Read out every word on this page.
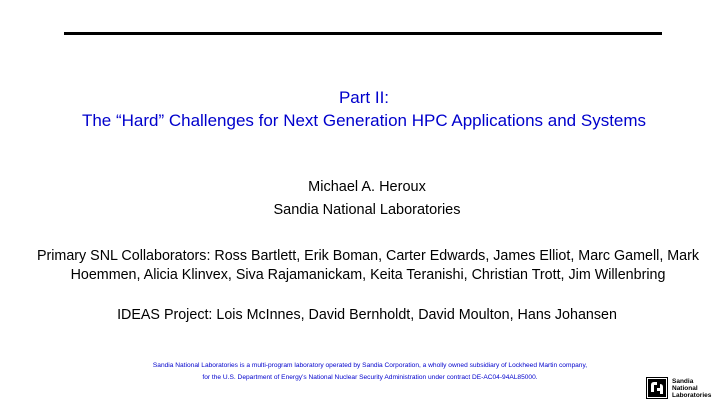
Part II:
The “Hard” Challenges for Next Generation HPC Applications and Systems
Michael A. Heroux
Sandia National Laboratories
Primary SNL Collaborators: Ross Bartlett, Erik Boman, Carter Edwards, James Elliot, Marc Gamell, Mark Hoemmen, Alicia Klinvex, Siva Rajamanickam, Keita Teranishi, Christian Trott, Jim Willenbring
IDEAS Project: Lois McInnes, David Bernholdt, David Moulton, Hans Johansen
Sandia National Laboratories is a multi-program laboratory operated by Sandia Corporation, a wholly owned subsidiary of Lockheed Martin company,
for the U.S. Department of Energy’s National Nuclear Security Administration under contract DE-AC04-94AL85000.
Sandia
National
Laboratories
